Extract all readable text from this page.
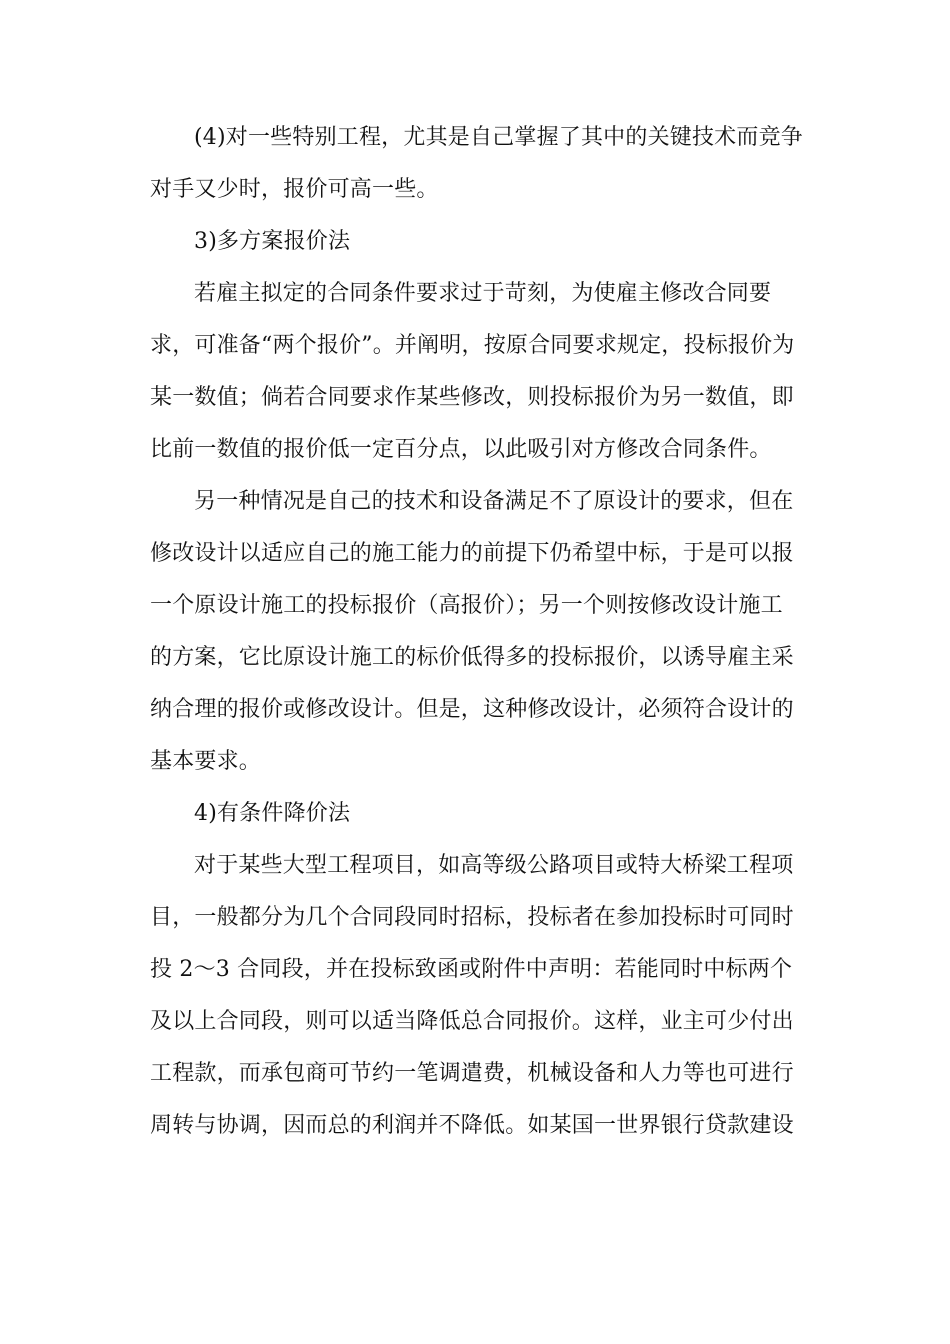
(4)对一些特别工程，尤其是自己掌握了其中的关键技术而竞争
对手又少时，报价可高一些。
3)多方案报价法
若雇主拟定的合同条件要求过于苛刻，为使雇主修改合同要
求，可准备“两个报价”。并阐明，按原合同要求规定，投标报价为
某一数值；倘若合同要求作某些修改，则投标报价为另一数值，即
比前一数值的报价低一定百分点，以此吸引对方修改合同条件。
另一种情况是自己的技术和设备满足不了原设计的要求，但在
修改设计以适应自己的施工能力的前提下仍希望中标，于是可以报
一个原设计施工的投标报价（高报价）；另一个则按修改设计施工
的方案，它比原设计施工的标价低得多的投标报价，以诱导雇主采
纳合理的报价或修改设计。但是，这种修改设计，必须符合设计的
基本要求。
4)有条件降价法
对于某些大型工程项目，如高等级公路项目或特大桥梁工程项
目，一般都分为几个合同段同时招标，投标者在参加投标时可同时
投 2～3 合同段，并在投标致函或附件中声明：若能同时中标两个
及以上合同段，则可以适当降低总合同报价。这样，业主可少付出
工程款，而承包商可节约一笔调遣费，机械设备和人力等也可进行
周转与协调，因而总的利润并不降低。如某国一世界银行贷款建设
